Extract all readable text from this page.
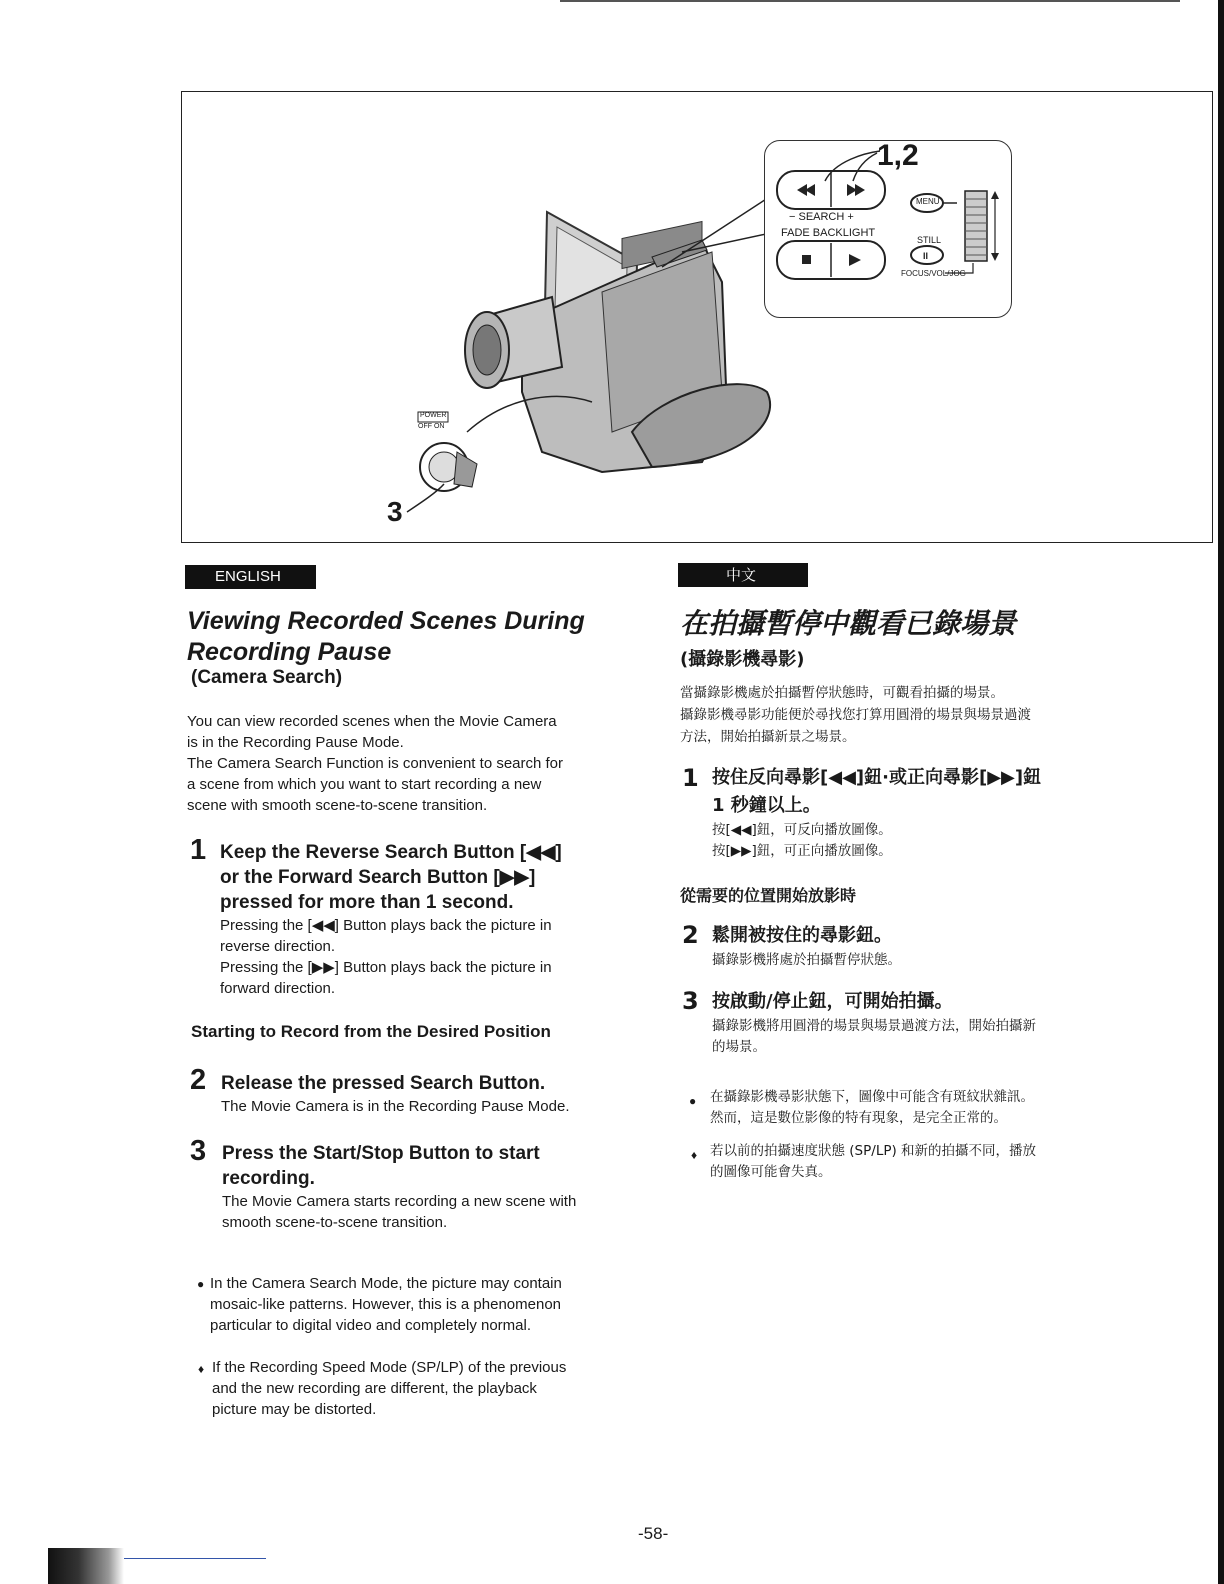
II
1,2
− SEARCH +
FADE BACKLIGHT
MENU
STILL
FOCUS/VOL/JOG
POWER
OFF ON
3
ENGLISH
Viewing Recorded Scenes During
Recording Pause
(Camera Search)
You can view recorded scenes when the Movie Camera
is in the Recording Pause Mode.
The Camera Search Function is convenient to search for
a scene from which you want to start recording a new
scene with smooth scene-to-scene transition.
1 Keep the Reverse Search Button [◀◀]
or the Forward Search Button [▶▶]
pressed for more than 1 second.
Pressing the [◀◀] Button plays back the picture in
reverse direction.
Pressing the [▶▶] Button plays back the picture in
forward direction.
Starting to Record from the Desired Position
2 Release the pressed Search Button.
The Movie Camera is in the Recording Pause Mode.
3 Press the Start/Stop Button to start
recording.
The Movie Camera starts recording a new scene with
smooth scene-to-scene transition.
● In the Camera Search Mode, the picture may contain
mosaic-like patterns. However, this is a phenomenon
particular to digital video and completely normal.
♦ If the Recording Speed Mode (SP/LP) of the previous
and the new recording are different, the playback
picture may be distorted.
中文
在拍攝暫停中觀看已錄場景
(攝錄影機尋影)
當攝錄影機處於拍攝暫停狀態時，可觀看拍攝的場景。
攝錄影機尋影功能便於尋找您打算用圓滑的場景與場景過渡
方法，開始拍攝新景之場景。
1 按住反向尋影[◀◀]鈕·或正向尋影[▶▶]鈕
1 秒鐘以上。
按[◀◀]鈕，可反向播放圖像。
按[▶▶]鈕，可正向播放圖像。
從需要的位置開始放影時
2 鬆開被按住的尋影鈕。
攝錄影機將處於拍攝暫停狀態。
3 按啟動/停止鈕，可開始拍攝。
攝錄影機將用圓滑的場景與場景過渡方法，開始拍攝新
的場景。
● 在攝錄影機尋影狀態下，圖像中可能含有斑紋狀雜訊。
然而，這是數位影像的特有現象，是完全正常的。
♦ 若以前的拍攝速度狀態 (SP/LP) 和新的拍攝不同，播放
的圖像可能會失真。
-58-
